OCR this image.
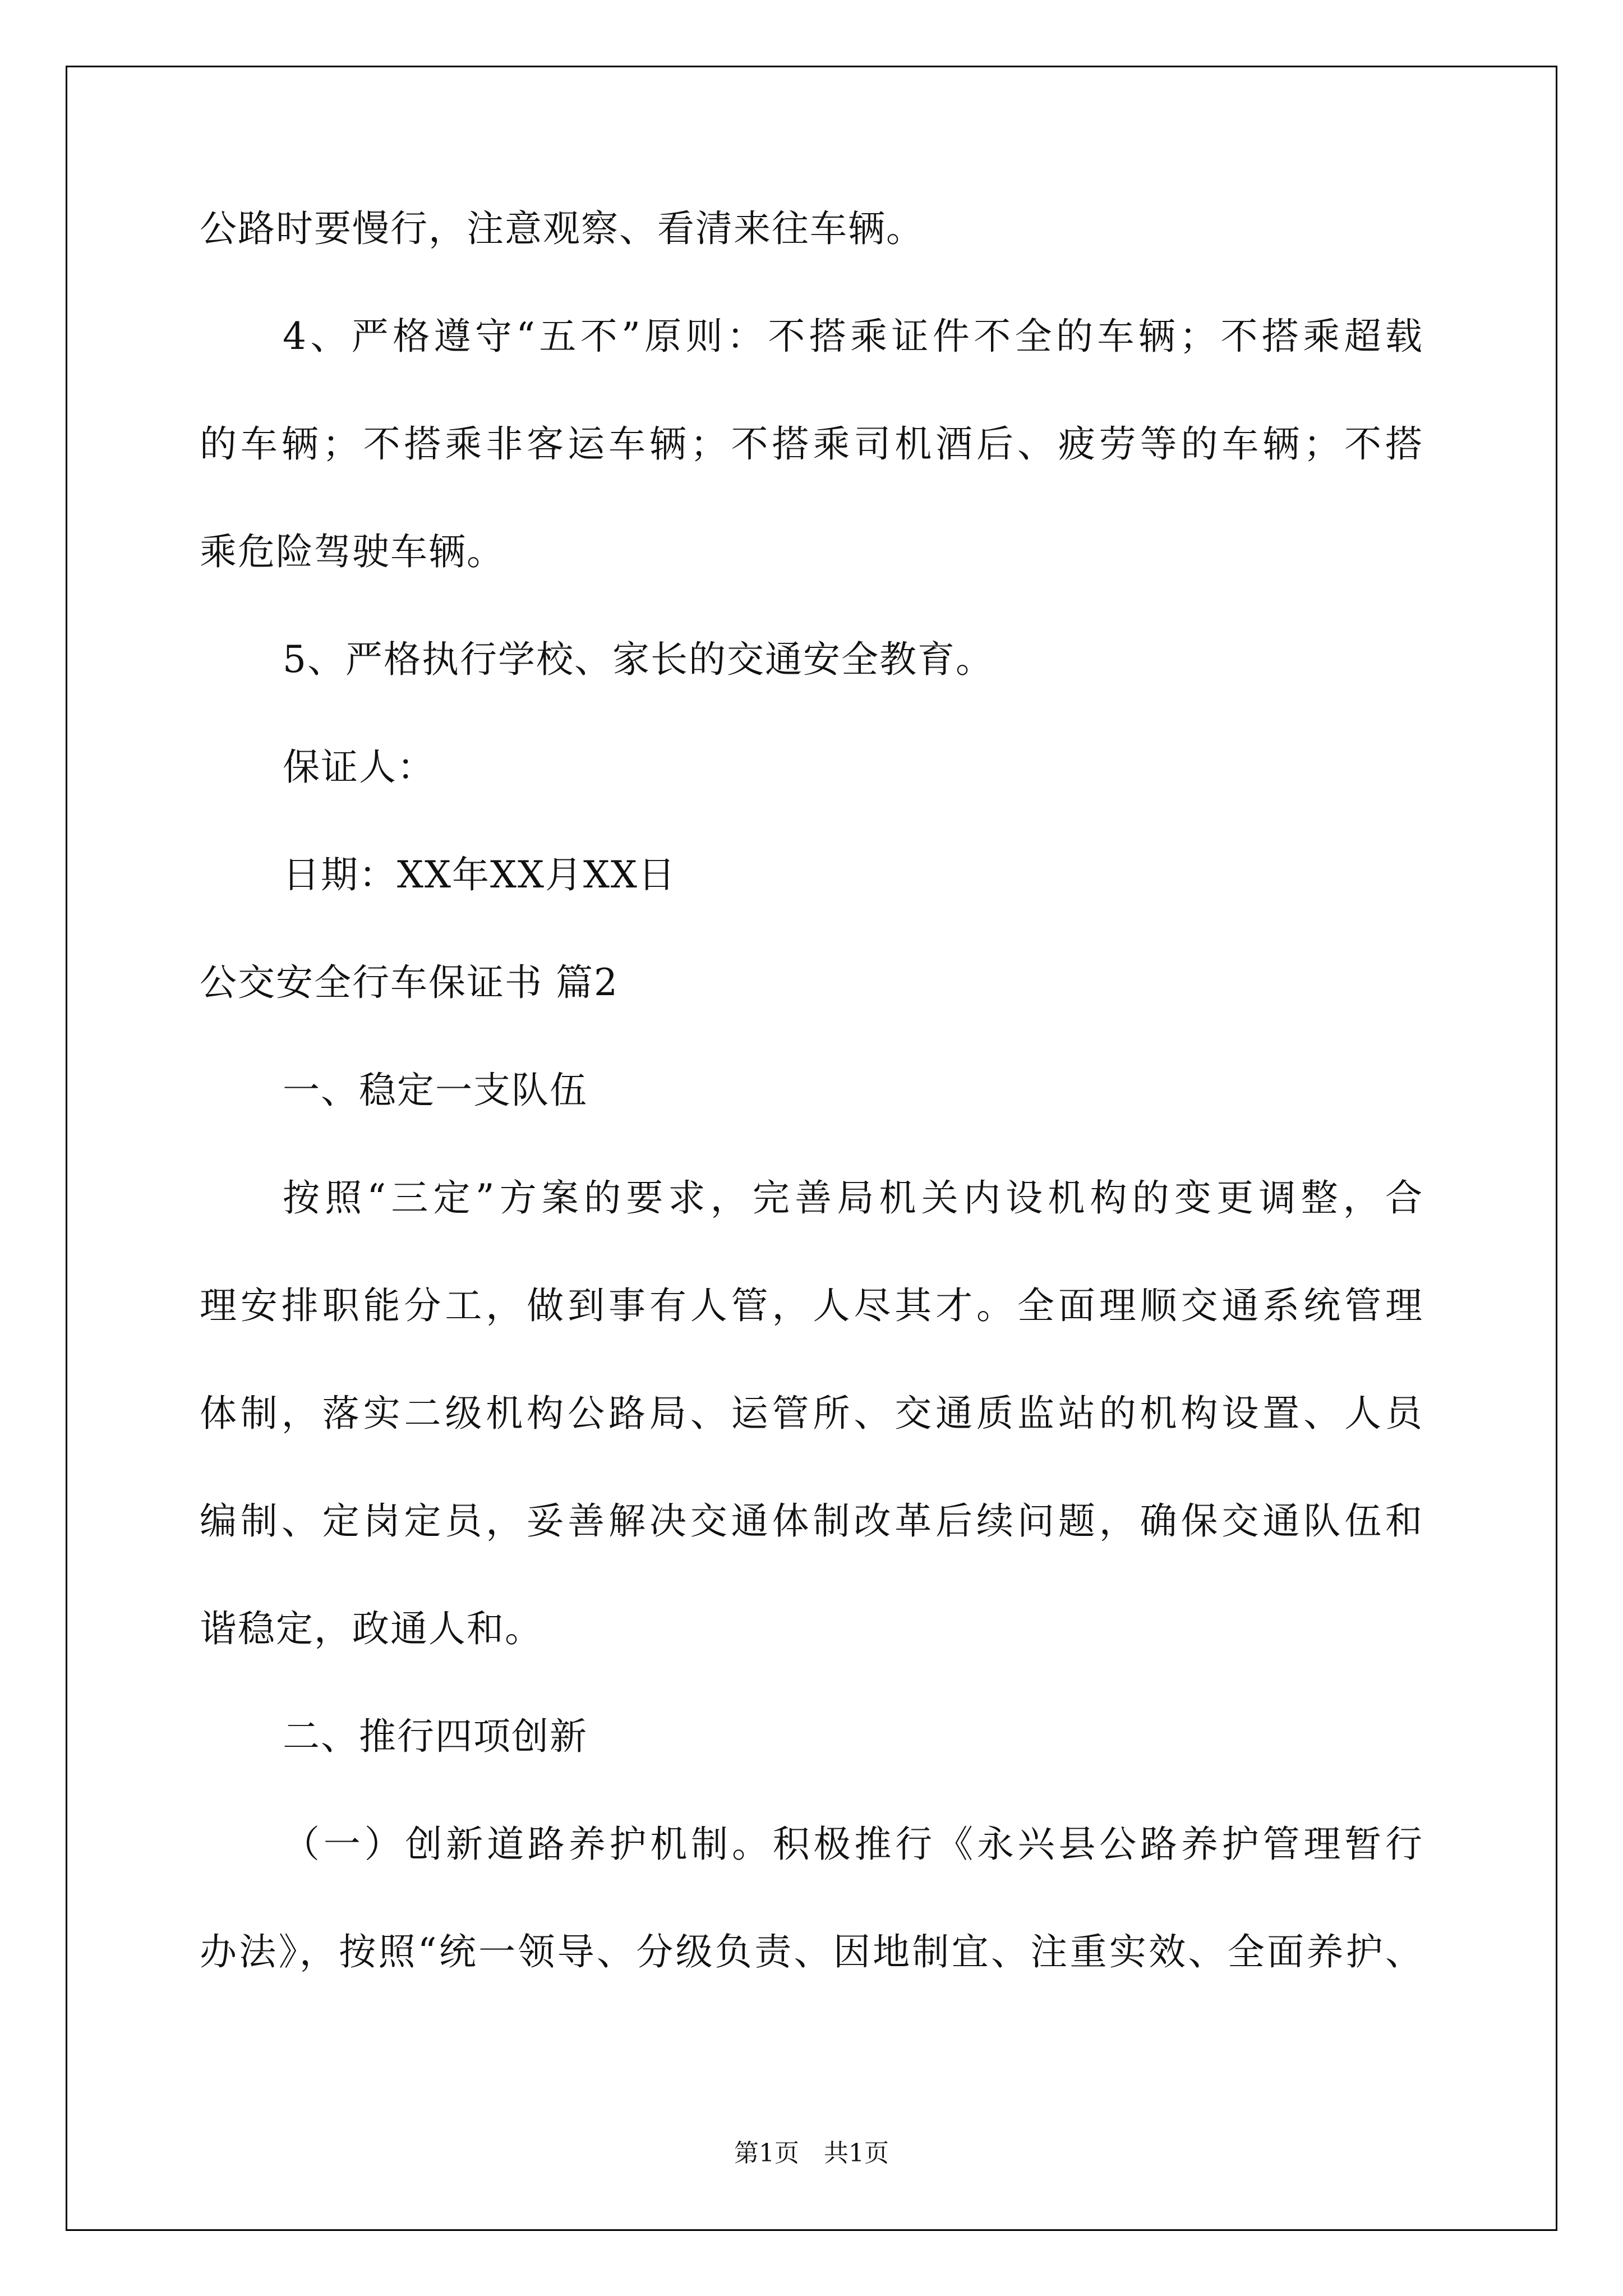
公路时要慢行，注意观察、看清来往车辆。
4、严格遵守“五不”原则：不搭乘证件不全的车辆；不搭乘超载
的车辆；不搭乘非客运车辆；不搭乘司机酒后、疲劳等的车辆；不搭
乘危险驾驶车辆。
5、严格执行学校、家长的交通安全教育。
保证人：
日期：XX年XX月XX日
公交安全行车保证书 篇2
一、稳定一支队伍
按照“三定”方案的要求，完善局机关内设机构的变更调整，合
理安排职能分工，做到事有人管，人尽其才。全面理顺交通系统管理
体制，落实二级机构公路局、运管所、交通质监站的机构设置、人员
编制、定岗定员，妥善解决交通体制改革后续问题，确保交通队伍和
谐稳定，政通人和。
二、推行四项创新
（一）创新道路养护机制。积极推行《永兴县公路养护管理暂行
办法》，按照“统一领导、分级负责、因地制宜、注重实效、全面养护、
第1页　共1页
